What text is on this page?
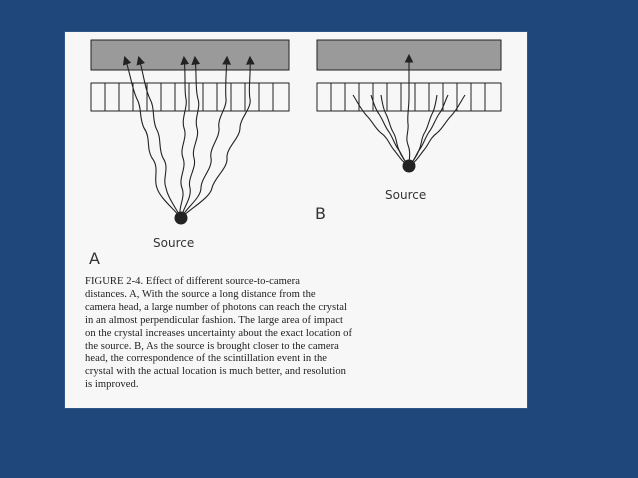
Source
A
Source
B
FIGURE 2-4. Effect of different source-to-camera
distances. A, With the source a long distance from the
camera head, a large number of photons can reach the crystal
in an almost perpendicular fashion. The large area of impact
on the crystal increases uncertainty about the exact location of
the source. B, As the source is brought closer to the camera
head, the correspondence of the scintillation event in the
crystal with the actual location is much better, and resolution
is improved.
